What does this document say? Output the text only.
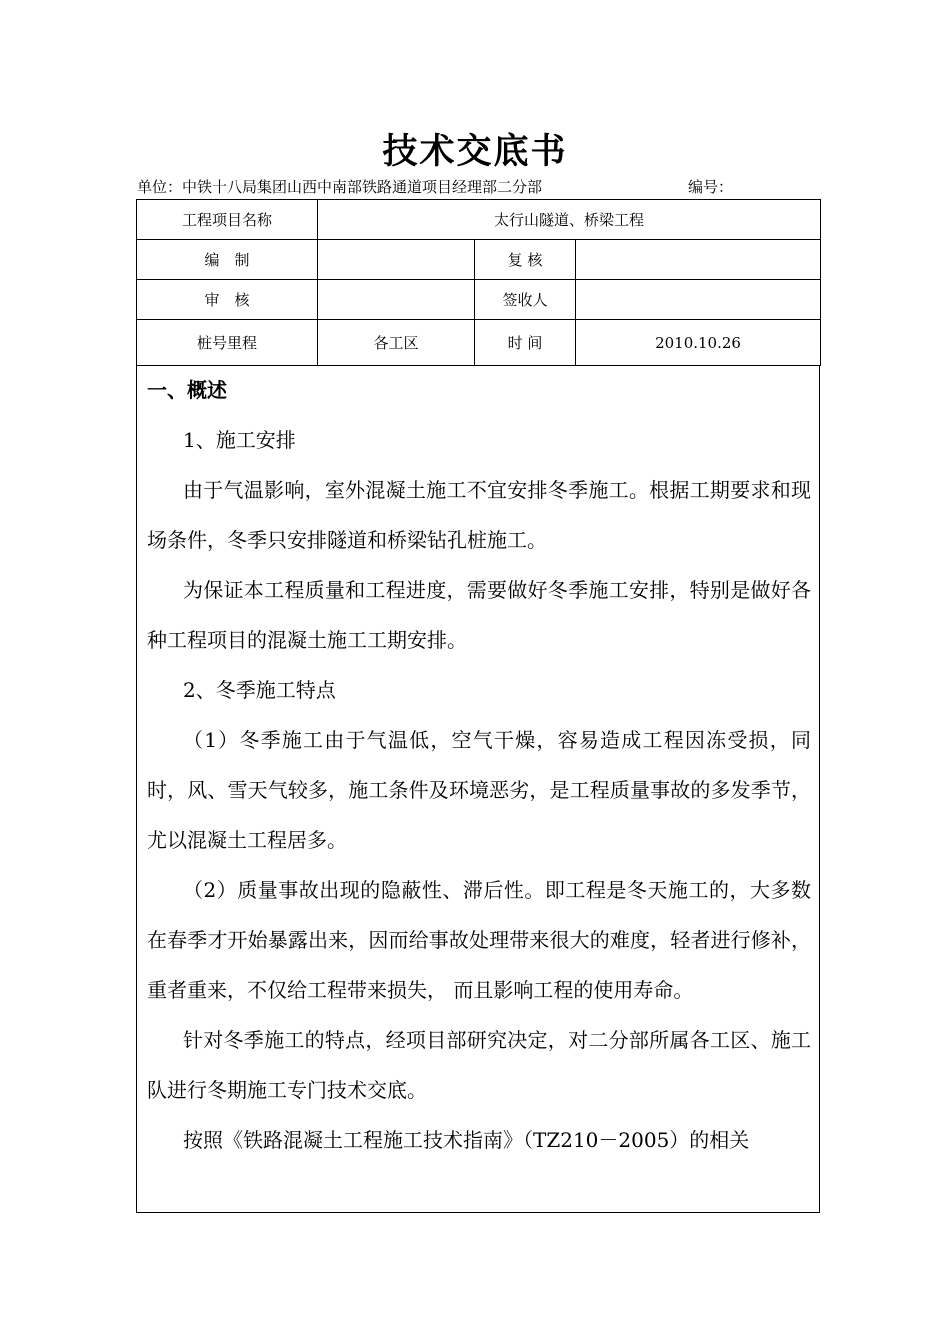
技术交底书
单位：中铁十八局集团山西中南部铁路通道项目经理部二分部	编号：
工程项目名称	太行山隧道、桥梁工程		
编　制		复 核	
审　核		签收人	
桩号里程	各工区	时 间	2010.10.26

一、概述

1、施工安排

由于气温影响，室外混凝土施工不宜安排冬季施工。根据工期要求和现场条件，冬季只安排隧道和桥梁钻孔桩施工。

为保证本工程质量和工程进度，需要做好冬季施工安排，特别是做好各种工程项目的混凝土施工工期安排。

2、冬季施工特点

（1）冬季施工由于气温低，空气干燥，容易造成工程因冻受损，同时，风、雪天气较多，施工条件及环境恶劣，是工程质量事故的多发季节，尤以混凝土工程居多。

（2）质量事故出现的隐蔽性、滞后性。即工程是冬天施工的，大多数在春季才开始暴露出来，因而给事故处理带来很大的难度，轻者进行修补，重者重来，不仅给工程带来损失， 而且影响工程的使用寿命。

针对冬季施工的特点，经项目部研究决定，对二分部所属各工区、施工队进行冬期施工专门技术交底。

按照《铁路混凝土工程施工技术指南》（TZ210－2005）的相关
